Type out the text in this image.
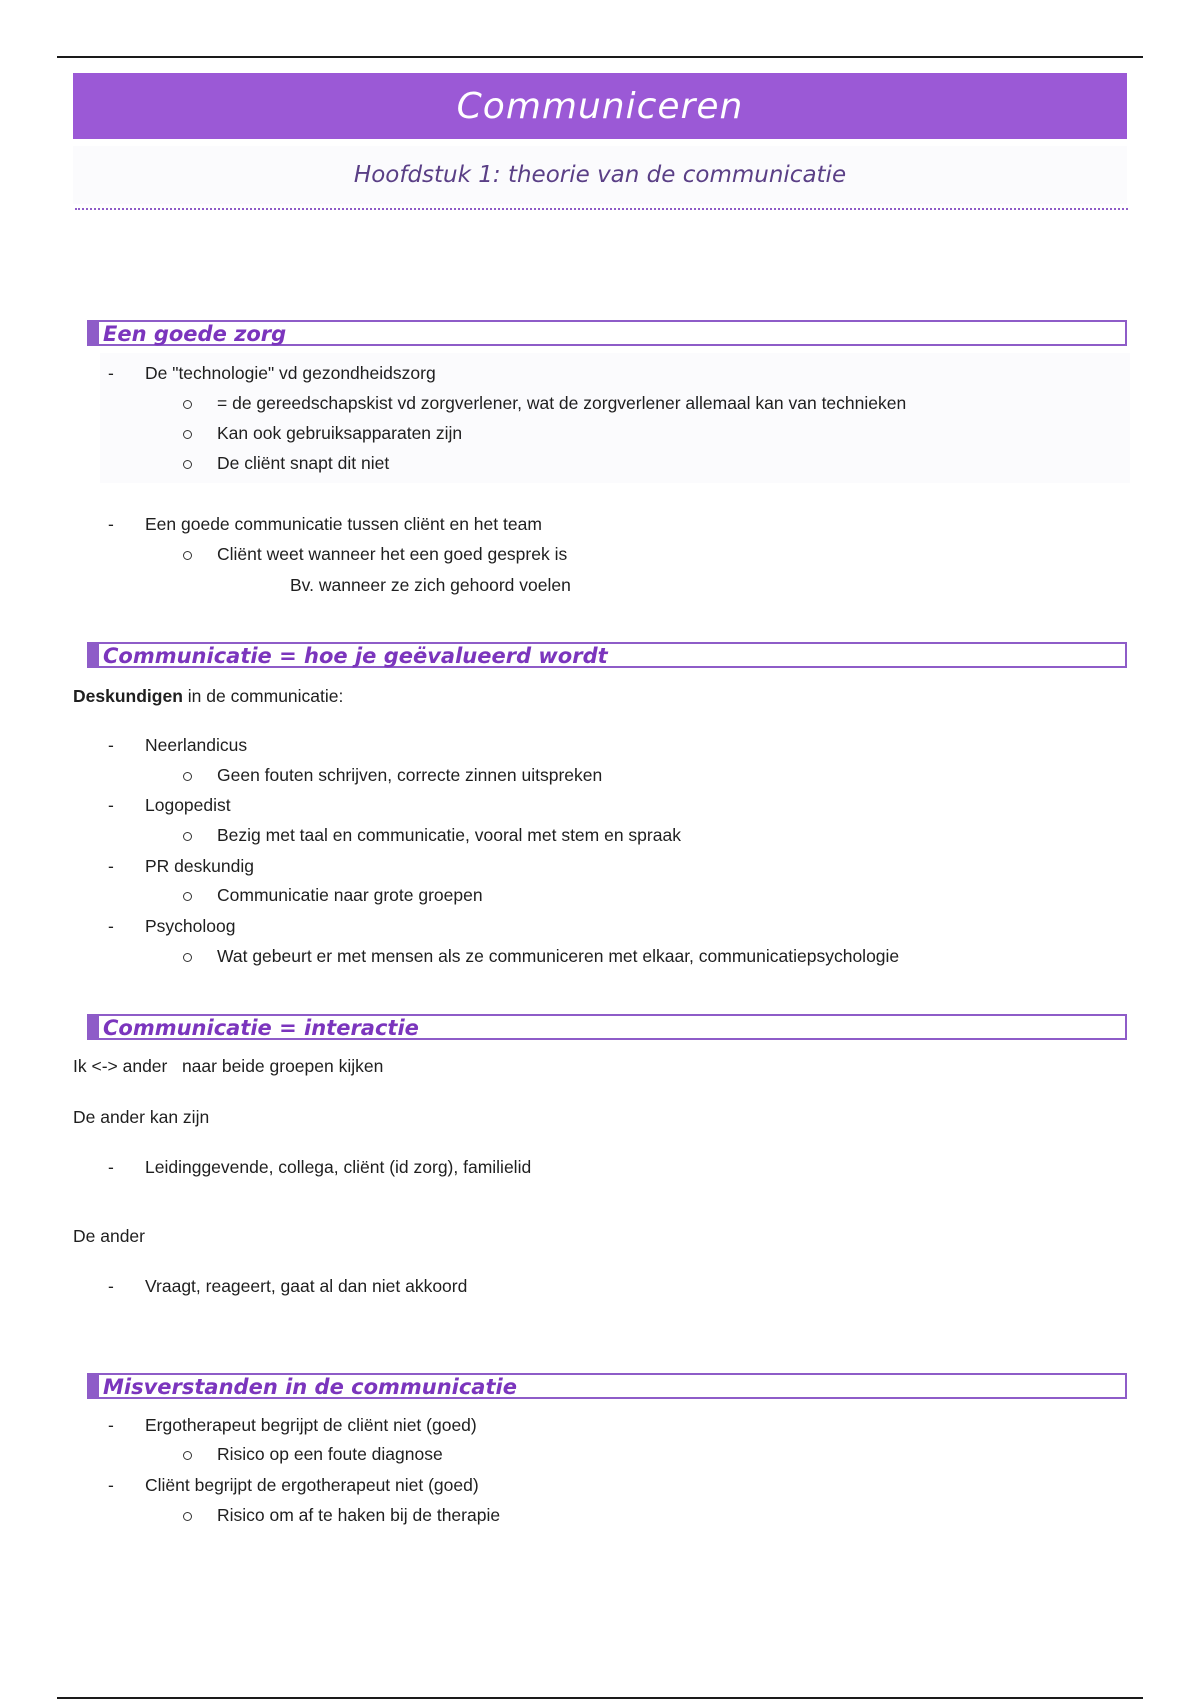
Communiceren
Hoofdstuk 1: theorie van de communicatie
Een goede zorg
- De "technologie" vd gezondheidszorg
= de gereedschapskist vd zorgverlener, wat de zorgverlener allemaal kan van technieken
Kan ook gebruiksapparaten zijn
De cliënt snapt dit niet
- Een goede communicatie tussen cliënt en het team
Cliënt weet wanneer het een goed gesprek is
Bv. wanneer ze zich gehoord voelen
Communicatie = hoe je geëvalueerd wordt
Deskundigen in de communicatie:
- Neerlandicus
Geen fouten schrijven, correcte zinnen uitspreken
- Logopedist
Bezig met taal en communicatie, vooral met stem en spraak
- PR deskundig
Communicatie naar grote groepen
- Psycholoog
Wat gebeurt er met mensen als ze communiceren met elkaar, communicatiepsychologie
Communicatie = interactie
Ik <-> ander   naar beide groepen kijken
De ander kan zijn
- Leidinggevende, collega, cliënt (id zorg), familielid
De ander
- Vraagt, reageert, gaat al dan niet akkoord
Misverstanden in de communicatie
- Ergotherapeut begrijpt de cliënt niet (goed)
Risico op een foute diagnose
- Cliënt begrijpt de ergotherapeut niet (goed)
Risico om af te haken bij de therapie
